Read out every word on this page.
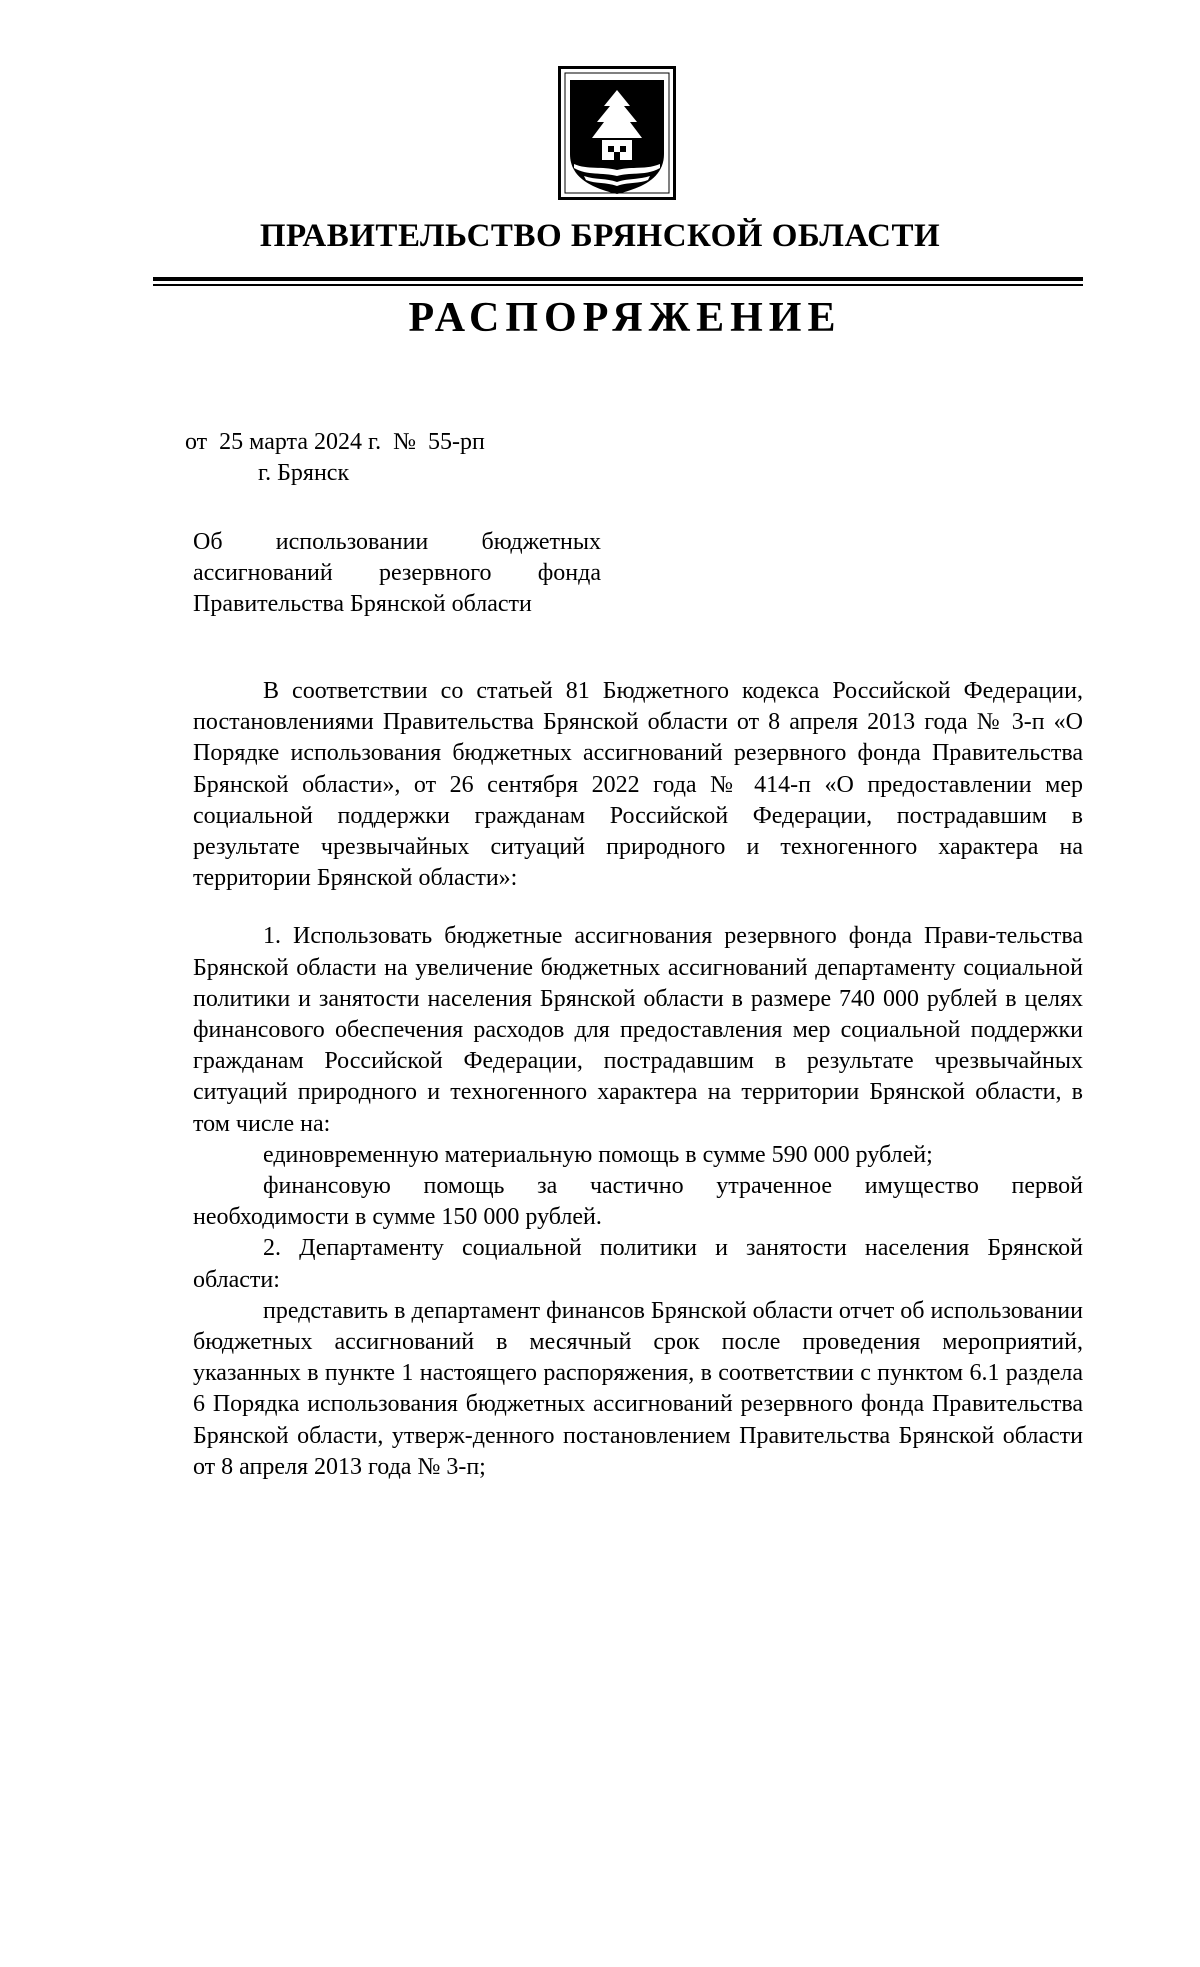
ПРАВИТЕЛЬСТВО БРЯНСКОЙ ОБЛАСТИ
РАСПОРЯЖЕНИЕ
от  25 марта 2024 г.  №  55-рп
г. Брянск
Об использовании бюджетных
ассигнований резервного фонда
Правительства Брянской области

В соответствии со статьей 81 Бюджетного кодекса Российской Федерации, постановлениями Правительства Брянской области от 8 апреля 2013 года № 3-п «О Порядке использования бюджетных ассигнований резервного фонда Правительства Брянской области», от 26 сентября 2022 года № 414-п «О предоставлении мер социальной поддержки гражданам Российской Федерации, пострадавшим в результате чрезвычайных ситуаций природного и техногенного характера на территории Брянской области»:

1. Использовать бюджетные ассигнования резервного фонда Прави-тельства Брянской области на увеличение бюджетных ассигнований департаменту социальной политики и занятости населения Брянской области в размере 740 000 рублей в целях финансового обеспечения расходов для предоставления мер социальной поддержки гражданам Российской Федерации, пострадавшим в результате чрезвычайных ситуаций природного и техногенного характера на территории Брянской области, в том числе на:

единовременную материальную помощь в сумме 590 000 рублей;

финансовую помощь за частично утраченное имущество первой необходимости в сумме 150 000 рублей.

2. Департаменту социальной политики и занятости населения Брянской области:

представить в департамент финансов Брянской области отчет об использовании бюджетных ассигнований в месячный срок после проведения мероприятий, указанных в пункте 1 настоящего распоряжения, в соответствии с пунктом 6.1 раздела 6 Порядка использования бюджетных ассигнований резервного фонда Правительства Брянской области, утверж-денного постановлением Правительства Брянской области от 8 апреля 2013 года № 3-п;
